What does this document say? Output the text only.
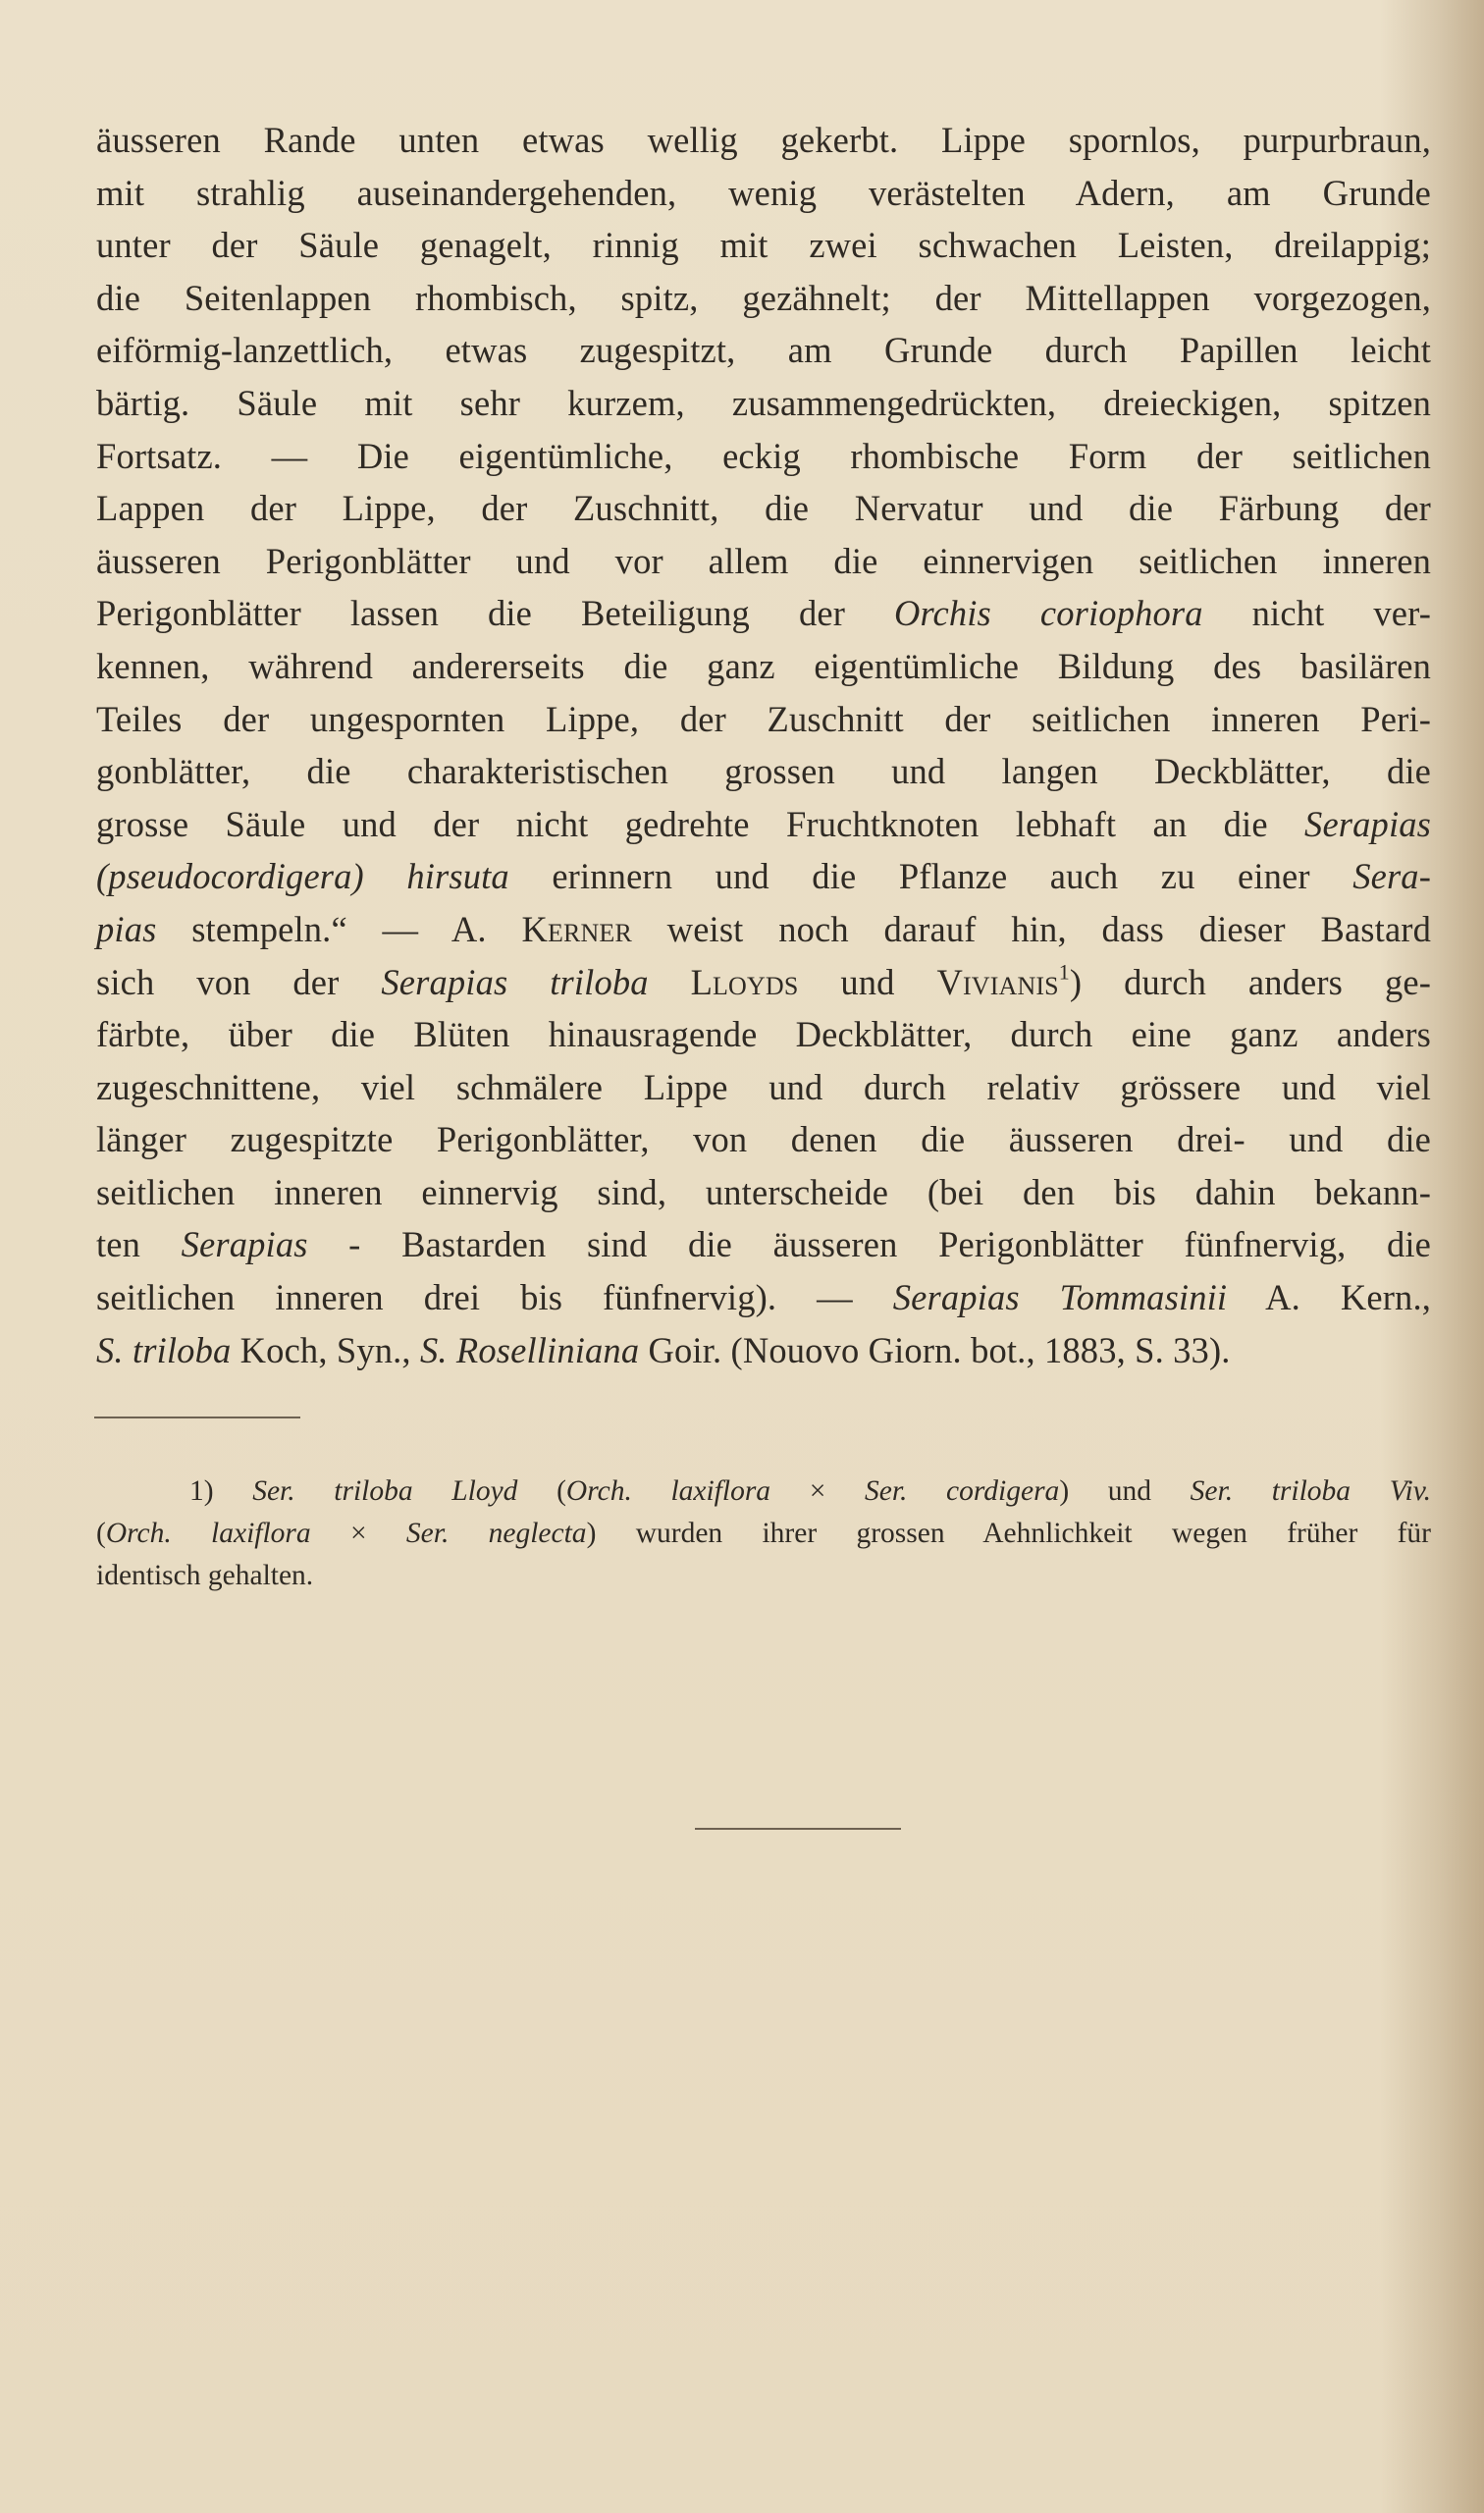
äusseren Rande unten etwas wellig gekerbt. Lippe spornlos, purpurbraun,
mit strahlig auseinandergehenden, wenig verästelten Adern, am Grunde
unter der Säule genagelt, rinnig mit zwei schwachen Leisten, dreilappig;
die Seitenlappen rhombisch, spitz, gezähnelt; der Mittellappen vorgezogen,
eiförmig-lanzettlich, etwas zugespitzt, am Grunde durch Papillen leicht
bärtig. Säule mit sehr kurzem, zusammengedrückten, dreieckigen, spitzen
Fortsatz. — Die eigentümliche, eckig rhombische Form der seitlichen
Lappen der Lippe, der Zuschnitt, die Nervatur und die Färbung der
äusseren Perigonblätter und vor allem die einnervigen seitlichen inneren
Perigonblätter lassen die Beteiligung der Orchis coriophora nicht ver-
kennen, während andererseits die ganz eigentümliche Bildung des basilären
Teiles der ungespornten Lippe, der Zuschnitt der seitlichen inneren Peri-
gonblätter, die charakteristischen grossen und langen Deckblätter, die
grosse Säule und der nicht gedrehte Fruchtknoten lebhaft an die Serapias
(pseudocordigera) hirsuta erinnern und die Pflanze auch zu einer Sera-
pias stempeln.“ — A. Kerner weist noch darauf hin, dass dieser Bastard
sich von der Serapias triloba Lloyds und Vivianis$^1$) durch anders ge-
färbte, über die Blüten hinausragende Deckblätter, durch eine ganz anders
zugeschnittene, viel schmälere Lippe und durch relativ grössere und viel
länger zugespitzte Perigonblätter, von denen die äusseren drei- und die
seitlichen inneren einnervig sind, unterscheide (bei den bis dahin bekann-
ten Serapias - Bastarden sind die äusseren Perigonblätter fünfnervig, die
seitlichen inneren drei bis fünfnervig). — Serapias Tommasinii A. Kern.,
S. triloba Koch, Syn., S. Roselliniana Goir. (Nouovo Giorn. bot., 1883, S. 33).
1) Ser. triloba Lloyd (Orch. laxiflora × Ser. cordigera) und Ser. triloba Viv.
(Orch. laxiflora × Ser. neglecta) wurden ihrer grossen Aehnlichkeit wegen früher für
identisch gehalten.
